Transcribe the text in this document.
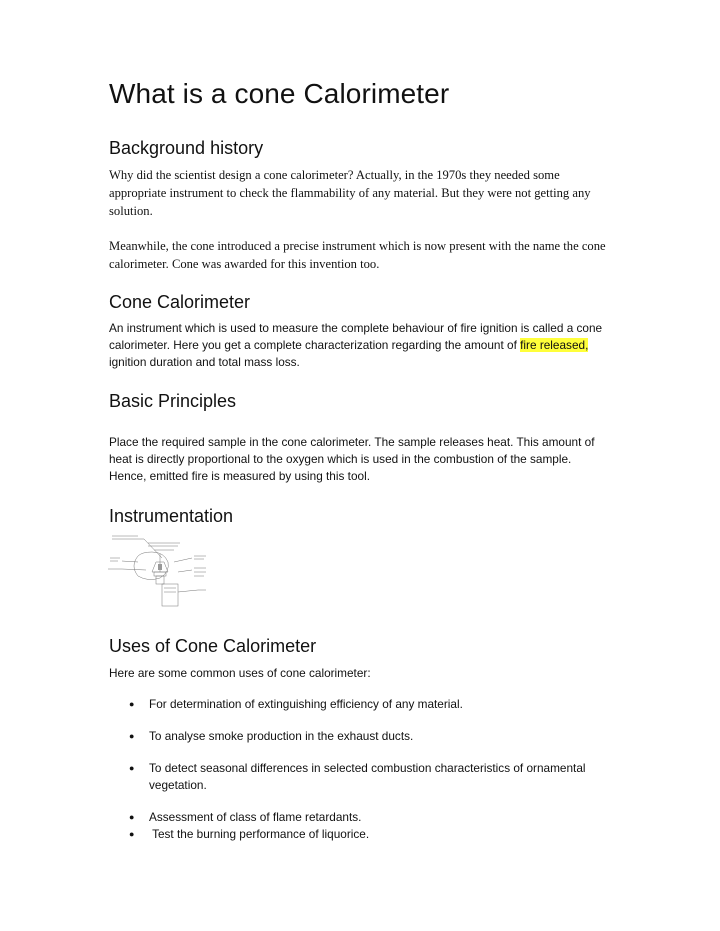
What is a cone Calorimeter
Background history

Why did the scientist design a cone calorimeter? Actually, in the 1970s they needed some appropriate instrument to check the flammability of any material. But they were not getting any solution.

Meanwhile, the cone introduced a precise instrument which is now present with the name the cone calorimeter. Cone was awarded for this invention too.

Cone Calorimeter

An instrument which is used to measure the complete behaviour of fire ignition is called a cone calorimeter. Here you get a complete characterization regarding the amount of fire released, ignition duration and total mass loss.

Basic Principles

Place the required sample in the cone calorimeter. The sample releases heat. This amount of heat is directly proportional to the oxygen which is used in the combustion of the sample. Hence, emitted fire is measured by using this tool.

Instrumentation
Uses of Cone Calorimeter

Here are some common uses of cone calorimeter:

●	For determination of extinguishing efficiency of any material.
●	To analyse smoke production in the exhaust ducts.
●	To detect seasonal differences in selected combustion characteristics of ornamental vegetation.
●	Assessment of class of flame retardants.
●	Test the burning performance of liquorice.
